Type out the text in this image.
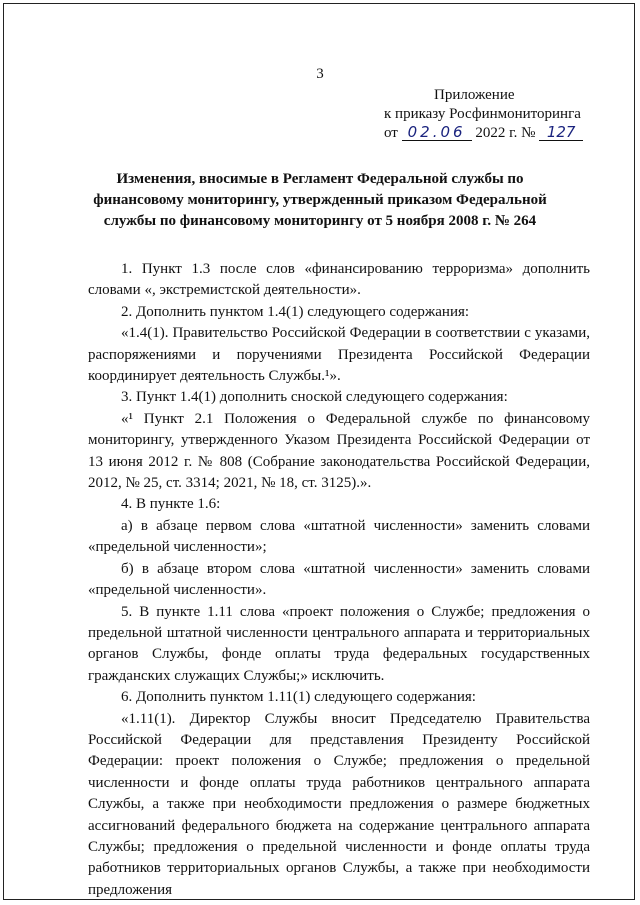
3
Приложение
к приказу Росфинмониторинга
от 02.06 2022 г. № 127
Изменения, вносимые в Регламент Федеральной службы по финансовому мониторингу, утвержденный приказом Федеральной службы по финансовому мониторингу от 5 ноября 2008 г. № 264

1. Пункт 1.3 после слов «финансированию терроризма» дополнить словами «, экстремистской деятельности».

2. Дополнить пунктом 1.4(1) следующего содержания:

«1.4(1). Правительство Российской Федерации в соответствии с указами, распоряжениями и поручениями Президента Российской Федерации координирует деятельность Службы.¹».

3. Пункт 1.4(1) дополнить сноской следующего содержания:

«¹ Пункт 2.1 Положения о Федеральной службе по финансовому мониторингу, утвержденного Указом Президента Российской Федерации от 13 июня 2012 г. № 808 (Собрание законодательства Российской Федерации, 2012, № 25, ст. 3314; 2021, № 18, ст. 3125).».

4. В пункте 1.6:

а) в абзаце первом слова «штатной численности» заменить словами «предельной численности»;

б) в абзаце втором слова «штатной численности» заменить словами «предельной численности».

5. В пункте 1.11 слова «проект положения о Службе; предложения о предельной штатной численности центрального аппарата и территориальных органов Службы, фонде оплаты труда федеральных государственных гражданских служащих Службы;» исключить.

6. Дополнить пунктом 1.11(1) следующего содержания:

«1.11(1). Директор Службы вносит Председателю Правительства Российской Федерации для представления Президенту Российской Федерации: проект положения о Службе; предложения о предельной численности и фонде оплаты труда работников центрального аппарата Службы, а также при необходимости предложения о размере бюджетных ассигнований федерального бюджета на содержание центрального аппарата Службы; предложения о предельной численности и фонде оплаты труда работников территориальных органов Службы, а также при необходимости предложения
